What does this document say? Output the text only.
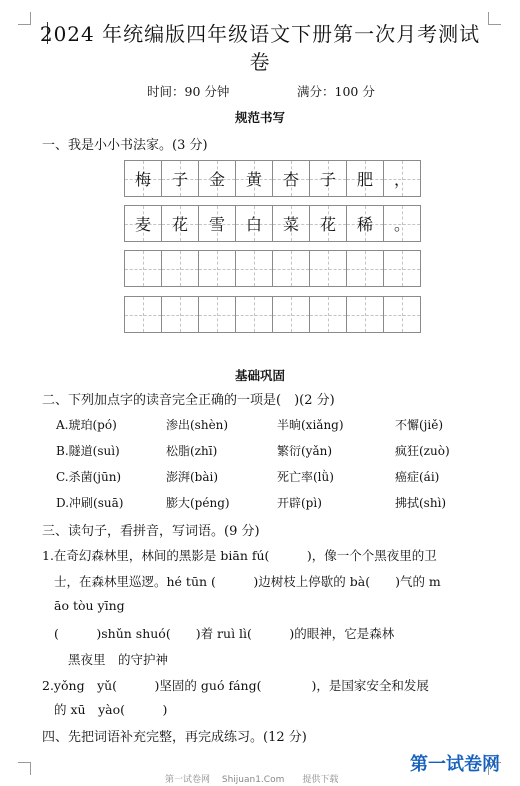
2024 年统编版四年级语文下册第一次月考测试
卷
时间：90 分钟	满分：100 分
规范书写
一、我是小小书法家。(3 分)
梅 子 金 黄 杏 子 肥 ，
麦 花 雪 白 菜 花 稀 。
基础巩固
二、下列加点字的读音完全正确的一项是(　)(2 分)
A.琥珀(pó)	渗出(shèn)	半晌(xiǎng)	不懈(jiě)
B.隧道(suì)	松脂(zhī)	繁衍(yǎn)	疯狂(zuò)
C.杀菌(jūn)	澎湃(bài)	死亡率(lǜ)	癌症(ái)
D.冲刷(suā)	膨大(péng)	开辟(pì)	拂拭(shì)
三、读句子，看拼音，写词语。(9 分)
1.在奇幻森林里，林间的黑影是 biān fú(　　　)，像一个个黑夜里的卫
士，在森林里巡逻。hé tūn (　　　)边树枝上停歇的 bà(　　)气的 m
āo tòu yīng
(　　　)shǔn shuó(　　)着 ruì lì(　　　)的眼神，它是森林
黑夜里　的守护神
2.yǒng　yǔ(　　　)坚固的 guó fáng(　　　　)，是国家安全和发展
的 xū　yào(　　　)
四、先把词语补充完整，再完成练习。(12 分)
第一试卷网　 Shijuan1.Com　　提供下载
第一试卷网
